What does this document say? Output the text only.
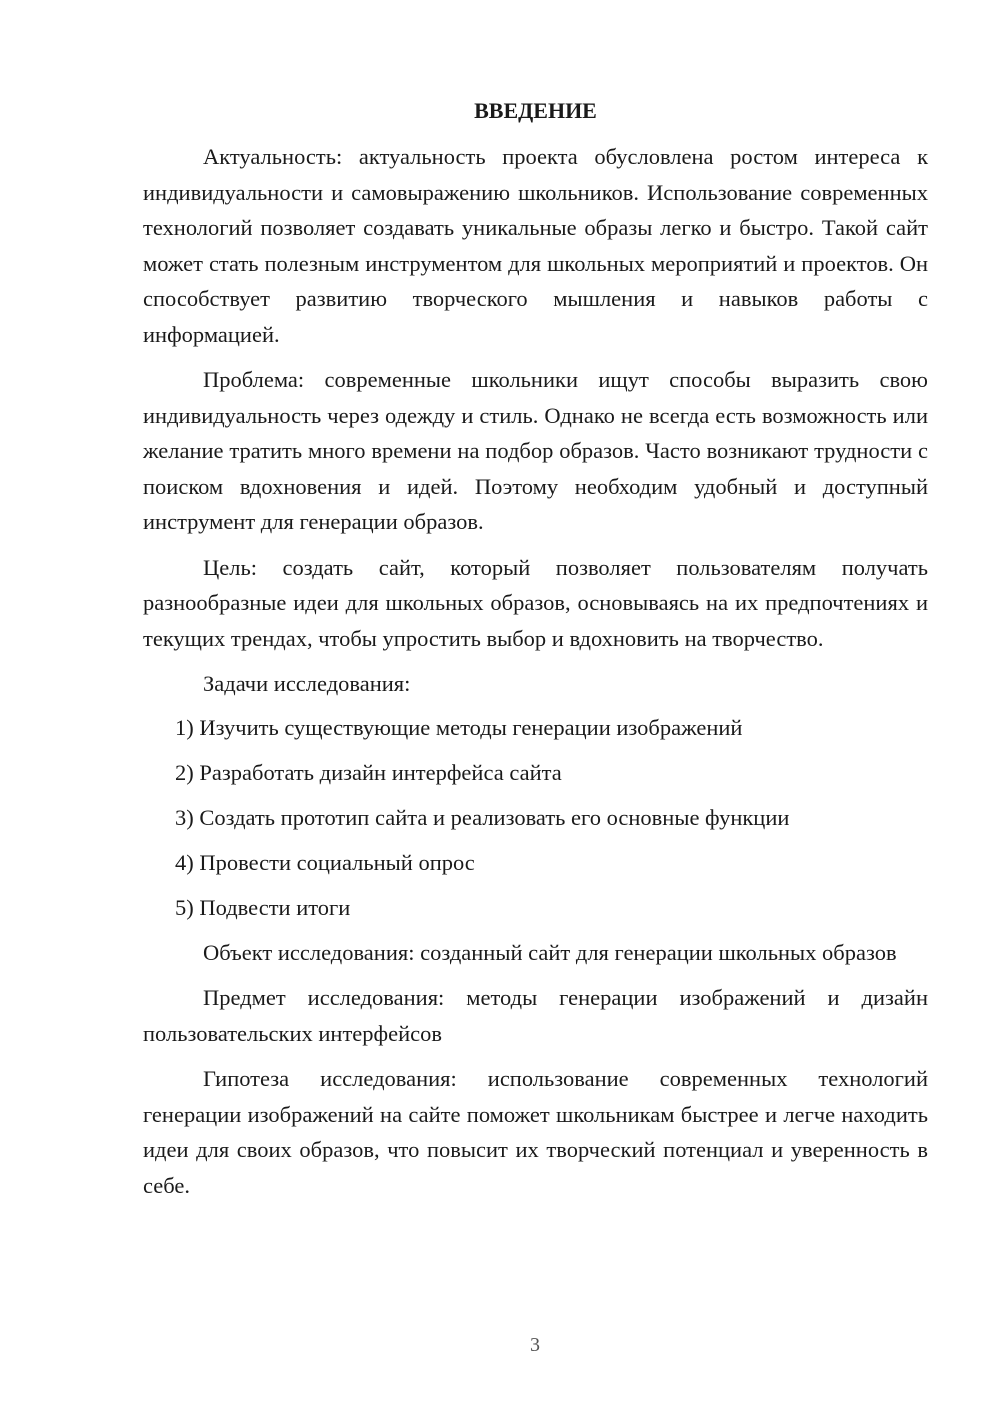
ВВЕДЕНИЕ

Актуальность: актуальность проекта обусловлена ростом интереса к индивидуальности и самовыражению школьников. Использование современных технологий позволяет создавать уникальные образы легко и быстро. Такой сайт может стать полезным инструментом для школьных мероприятий и проектов. Он способствует развитию творческого мышления и навыков работы с информацией.

Проблема: современные школьники ищут способы выразить свою индивидуальность через одежду и стиль. Однако не всегда есть возможность или желание тратить много времени на подбор образов. Часто возникают трудности с поиском вдохновения и идей. Поэтому необходим удобный и доступный инструмент для генерации образов.

Цель: создать сайт, который позволяет пользователям получать разнообразные идеи для школьных образов, основываясь на их предпочтениях и текущих трендах, чтобы упростить выбор и вдохновить на творчество.

Задачи исследования:

1) Изучить существующие методы генерации изображений
2) Разработать дизайн интерфейса сайта
3) Создать прототип сайта и реализовать его основные функции
4) Провести социальный опрос
5) Подвести итоги

Объект исследования: созданный сайт для генерации школьных образов

Предмет исследования: методы генерации изображений и дизайн пользовательских интерфейсов

Гипотеза исследования: использование современных технологий генерации изображений на сайте поможет школьникам быстрее и легче находить идеи для своих образов, что повысит их творческий потенциал и уверенность в себе.

3
